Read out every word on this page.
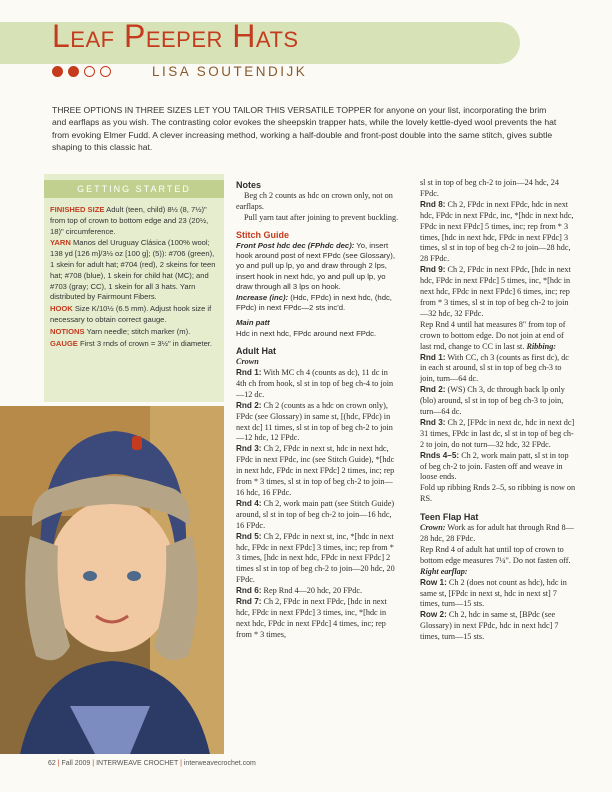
Leaf Peeper Hats
LISA SOUTENDIJK
THREE OPTIONS IN THREE SIZES LET YOU TAILOR THIS VERSATILE TOPPER for anyone on your list, incorporating the brim and earflaps as you wish. The contrasting color evokes the sheepskin trapper hats, while the lovely kettle-dyed wool prevents the hat from evoking Elmer Fudd. A clever increasing method, working a half-double and front-post double into the same stitch, gives subtle shaping to this classic hat.
GETTING STARTED

FINISHED SIZE Adult (teen, child) 8½ (8, 7½)" from top of crown to bottom edge and 23 (20½, 18)" circumference.

YARN Manos del Uruguay Clásica (100% wool; 138 yd [126 m]/3½ oz [100 g]; (5)): #706 (green), 1 skein for adult hat; #704 (red), 2 skeins for teen hat; #708 (blue), 1 skein for child hat (MC); and #703 (gray; CC), 1 skein for all 3 hats. Yarn distributed by Fairmount Fibers.

HOOK Size K/10½ (6.5 mm). Adjust hook size if necessary to obtain correct gauge.

NOTIONS Yarn needle; stitch marker (m).

GAUGE First 3 rnds of crown = 3½" in diameter.

Notes

Beg ch 2 counts as hdc on crown only, not on earflaps.

Pull yarn taut after joining to prevent buckling.

Stitch Guide

Front Post hdc dec (FPhdc dec): Yo, insert hook around post of next FPdc (see Glossary), yo and pull up lp, yo and draw through 2 lps, insert hook in next hdc, yo and pull up lp, yo draw through all 3 lps on hook.

Increase (inc): (Hdc, FPdc) in next hdc, (hdc, FPdc) in next FPdc—2 sts inc'd.

Main patt

Hdc in next hdc, FPdc around next FPdc.

Adult Hat

Crown

Rnd 1: With MC ch 4 (counts as dc), 11 dc in 4th ch from hook, sl st in top of beg ch-4 to join—12 dc.

Rnd 2: Ch 2 (counts as a hdc on crown only), FPdc (see Glossary) in same st, [(hdc, FPdc) in next dc] 11 times, sl st in top of beg ch-2 to join—12 hdc, 12 FPdc.

Rnd 3: Ch 2, FPdc in next st, hdc in next hdc, FPdc in next FPdc, inc (see Stitch Guide), *[hdc in next hdc, FPdc in next FPdc] 2 times, inc; rep from * 3 times, sl st in top of beg ch-2 to join—16 hdc, 16 FPdc.

Rnd 4: Ch 2, work main patt (see Stitch Guide) around, sl st in top of beg ch-2 to join—16 hdc, 16 FPdc.

Rnd 5: Ch 2, FPdc in next st, inc, *[hdc in next hdc, FPdc in next FPdc] 3 times, inc; rep from * 3 times, [hdc in next hdc, FPdc in next FPdc] 2 times sl st in top of beg ch-2 to join—20 hdc, 20 FPdc.

Rnd 6: Rep Rnd 4—20 hdc, 20 FPdc.

Rnd 7: Ch 2, FPdc in next FPdc, [hdc in next hdc, FPdc in next FPdc] 3 times, inc, *[hdc in next hdc, FPdc in next FPdc] 4 times, inc; rep from * 3 times,

sl st in top of beg ch-2 to join—24 hdc, 24 FPdc.

Rnd 8: Ch 2, FPdc in next FPdc, hdc in next hdc, FPdc in next FPdc, inc, *[hdc in next hdc, FPdc in next FPdc] 5 times, inc; rep from * 3 times, [hdc in next hdc, FPdc in next FPdc] 3 times, sl st in top of beg ch-2 to join—28 hdc, 28 FPdc.

Rnd 9: Ch 2, FPdc in next FPdc, [hdc in next hdc, FPdc in next FPdc] 5 times, inc, *[hdc in next hdc, FPdc in next FPdc] 6 times, inc; rep from * 3 times, sl st in top of beg ch-2 to join—32 hdc, 32 FPdc.

Rep Rnd 4 until hat measures 8" from top of crown to bottom edge. Do not join at end of last rnd, change to CC in last st. Ribbing:

Rnd 1: With CC, ch 3 (counts as first dc), dc in each st around, sl st in top of beg ch-3 to join, turn—64 dc.

Rnd 2: (WS) Ch 3, dc through back lp only (blo) around, sl st in top of beg ch-3 to join, turn—64 dc.

Rnd 3: Ch 2, [FPdc in next dc, hdc in next dc] 31 times, FPdc in last dc, sl st in top of beg ch-2 to join, do not turn—32 hdc, 32 FPdc.

Rnds 4–5: Ch 2, work main patt, sl st in top of beg ch-2 to join. Fasten off and weave in loose ends.

Fold up ribbing Rnds 2–5, so ribbing is now on RS.

Teen Flap Hat

Crown: Work as for adult hat through Rnd 8—28 hdc, 28 FPdc.

Rep Rnd 4 of adult hat until top of crown to bottom edge measures 7¼". Do not fasten off. Right earflap:

Row 1: Ch 2 (does not count as hdc), hdc in same st, [FPdc in next st, hdc in next st] 7 times, turn—15 sts.

Row 2: Ch 2, hdc in same st, [BPdc (see Glossary) in next FPdc, hdc in next hdc] 7 times, turn—15 sts.

62 | Fall 2009 | INTERWEAVE CROCHET | interweavecrochet.com
